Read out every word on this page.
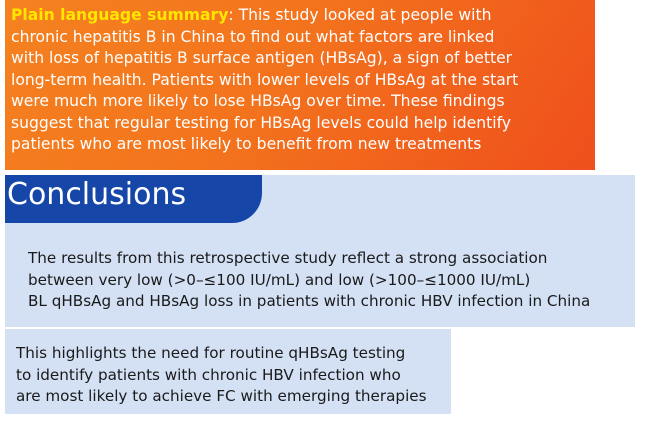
Plain language summary: This study looked at people with
chronic hepatitis B in China to find out what factors are linked
with loss of hepatitis B surface antigen (HBsAg), a sign of better
long-term health. Patients with lower levels of HBsAg at the start
were much more likely to lose HBsAg over time. These findings
suggest that regular testing for HBsAg levels could help identify
patients who are most likely to benefit from new treatments
Conclusions
The results from this retrospective study reflect a strong association
between very low (>0–≤100 IU/mL) and low (>100–≤1000 IU/mL)
BL qHBsAg and HBsAg loss in patients with chronic HBV infection in China
This highlights the need for routine qHBsAg testing
to identify patients with chronic HBV infection who
are most likely to achieve FC with emerging therapies
